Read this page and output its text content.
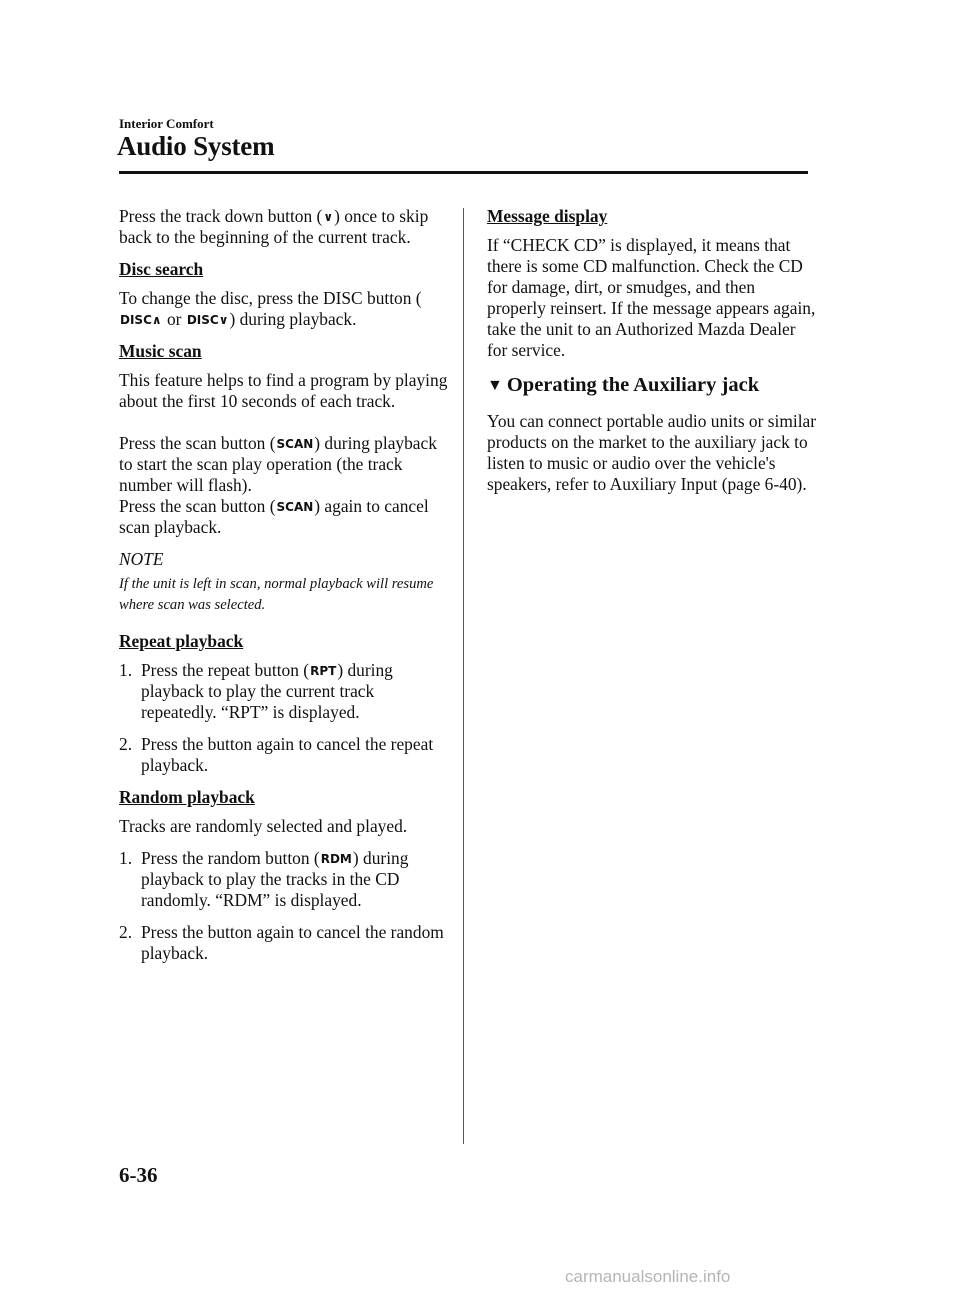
Interior Comfort
Audio System

Press the track down button (∨) once to skip back to the beginning of the current track.

Disc search

To change the disc, press the DISC button (DISC∧ or DISC∨) during playback.

Music scan

This feature helps to find a program by playing about the first 10 seconds of each track.

Press the scan button (SCAN) during playback to start the scan play operation (the track number will flash).

Press the scan button (SCAN) again to cancel scan playback.

NOTE

If the unit is left in scan, normal playback will resume where scan was selected.

Repeat playback

1. Press the repeat button (RPT) during playback to play the current track repeatedly. “RPT” is displayed.
2. Press the button again to cancel the repeat playback.

Random playback

Tracks are randomly selected and played.

1. Press the random button (RDM) during playback to play the tracks in the CD randomly. “RDM” is displayed.
2. Press the button again to cancel the random playback.

Message display

If “CHECK CD” is displayed, it means that there is some CD malfunction. Check the CD for damage, dirt, or smudges, and then properly reinsert. If the message appears again, take the unit to an Authorized Mazda Dealer for service.

▼ Operating the Auxiliary jack

You can connect portable audio units or similar products on the market to the auxiliary jack to listen to music or audio over the vehicle's speakers, refer to Auxiliary Input (page 6-40).

6-36
carmanualsonline.info
